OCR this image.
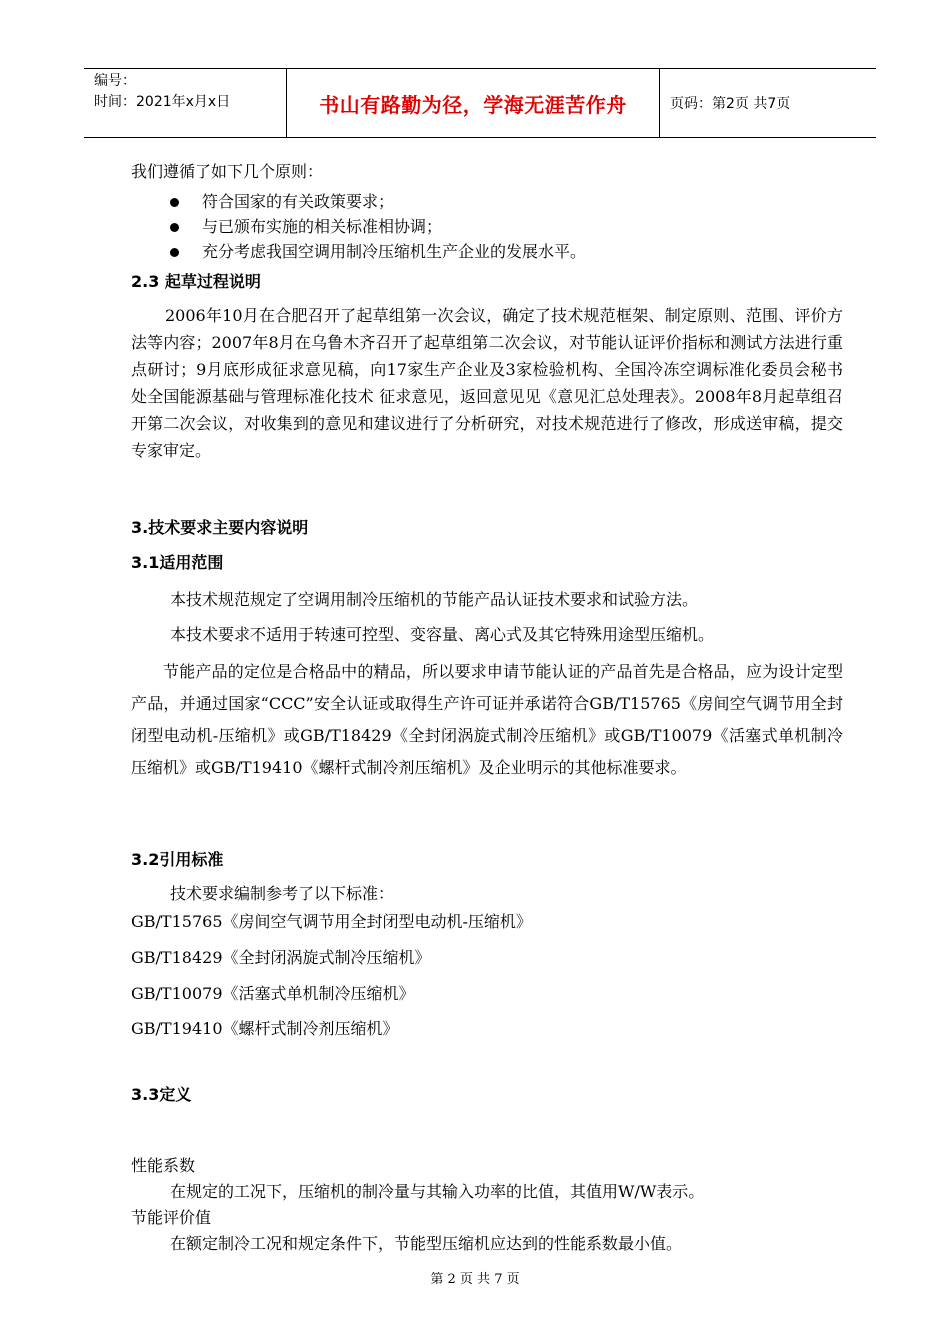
编号：
时间：2021年x月x日	书山有路勤为径，学海无涯苦作舟	页码：第2页 共7页
我们遵循了如下几个原则：
符合国家的有关政策要求；
与已颁布实施的相关标准相协调；
充分考虑我国空调用制冷压缩机生产企业的发展水平。
2.3 起草过程说明
2006年10月在合肥召开了起草组第一次会议，确定了技术规范框架、制定原则、范围、评价方法等内容；2007年8月在乌鲁木齐召开了起草组第二次会议，对节能认证评价指标和测试方法进行重点研讨；9月底形成征求意见稿，向17家生产企业及3家检验机构、全国冷冻空调标准化委员会秘书处全国能源基础与管理标准化技术 征求意见，返回意见见《意见汇总处理表》。2008年8月起草组召开第二次会议，对收集到的意见和建议进行了分析研究，对技术规范进行了修改，形成送审稿，提交专家审定。
3.技术要求主要内容说明
3.1适用范围
本技术规范规定了空调用制冷压缩机的节能产品认证技术要求和试验方法。
本技术要求不适用于转速可控型、变容量、离心式及其它特殊用途型压缩机。
节能产品的定位是合格品中的精品，所以要求申请节能认证的产品首先是合格品，应为设计定型产品，并通过国家“CCC”安全认证或取得生产许可证并承诺符合GB/T15765《房间空气调节用全封闭型电动机-压缩机》或GB/T18429《全封闭涡旋式制冷压缩机》或GB/T10079《活塞式单机制冷压缩机》或GB/T19410《螺杆式制冷剂压缩机》及企业明示的其他标准要求。
3.2引用标准
技术要求编制参考了以下标准：
GB/T15765《房间空气调节用全封闭型电动机-压缩机》
GB/T18429《全封闭涡旋式制冷压缩机》
GB/T10079《活塞式单机制冷压缩机》
GB/T19410《螺杆式制冷剂压缩机》
3.3定义
性能系数
在规定的工况下，压缩机的制冷量与其输入功率的比值，其值用W/W表示。
节能评价值
在额定制冷工况和规定条件下，节能型压缩机应达到的性能系数最小值。
第 2 页 共 7 页
